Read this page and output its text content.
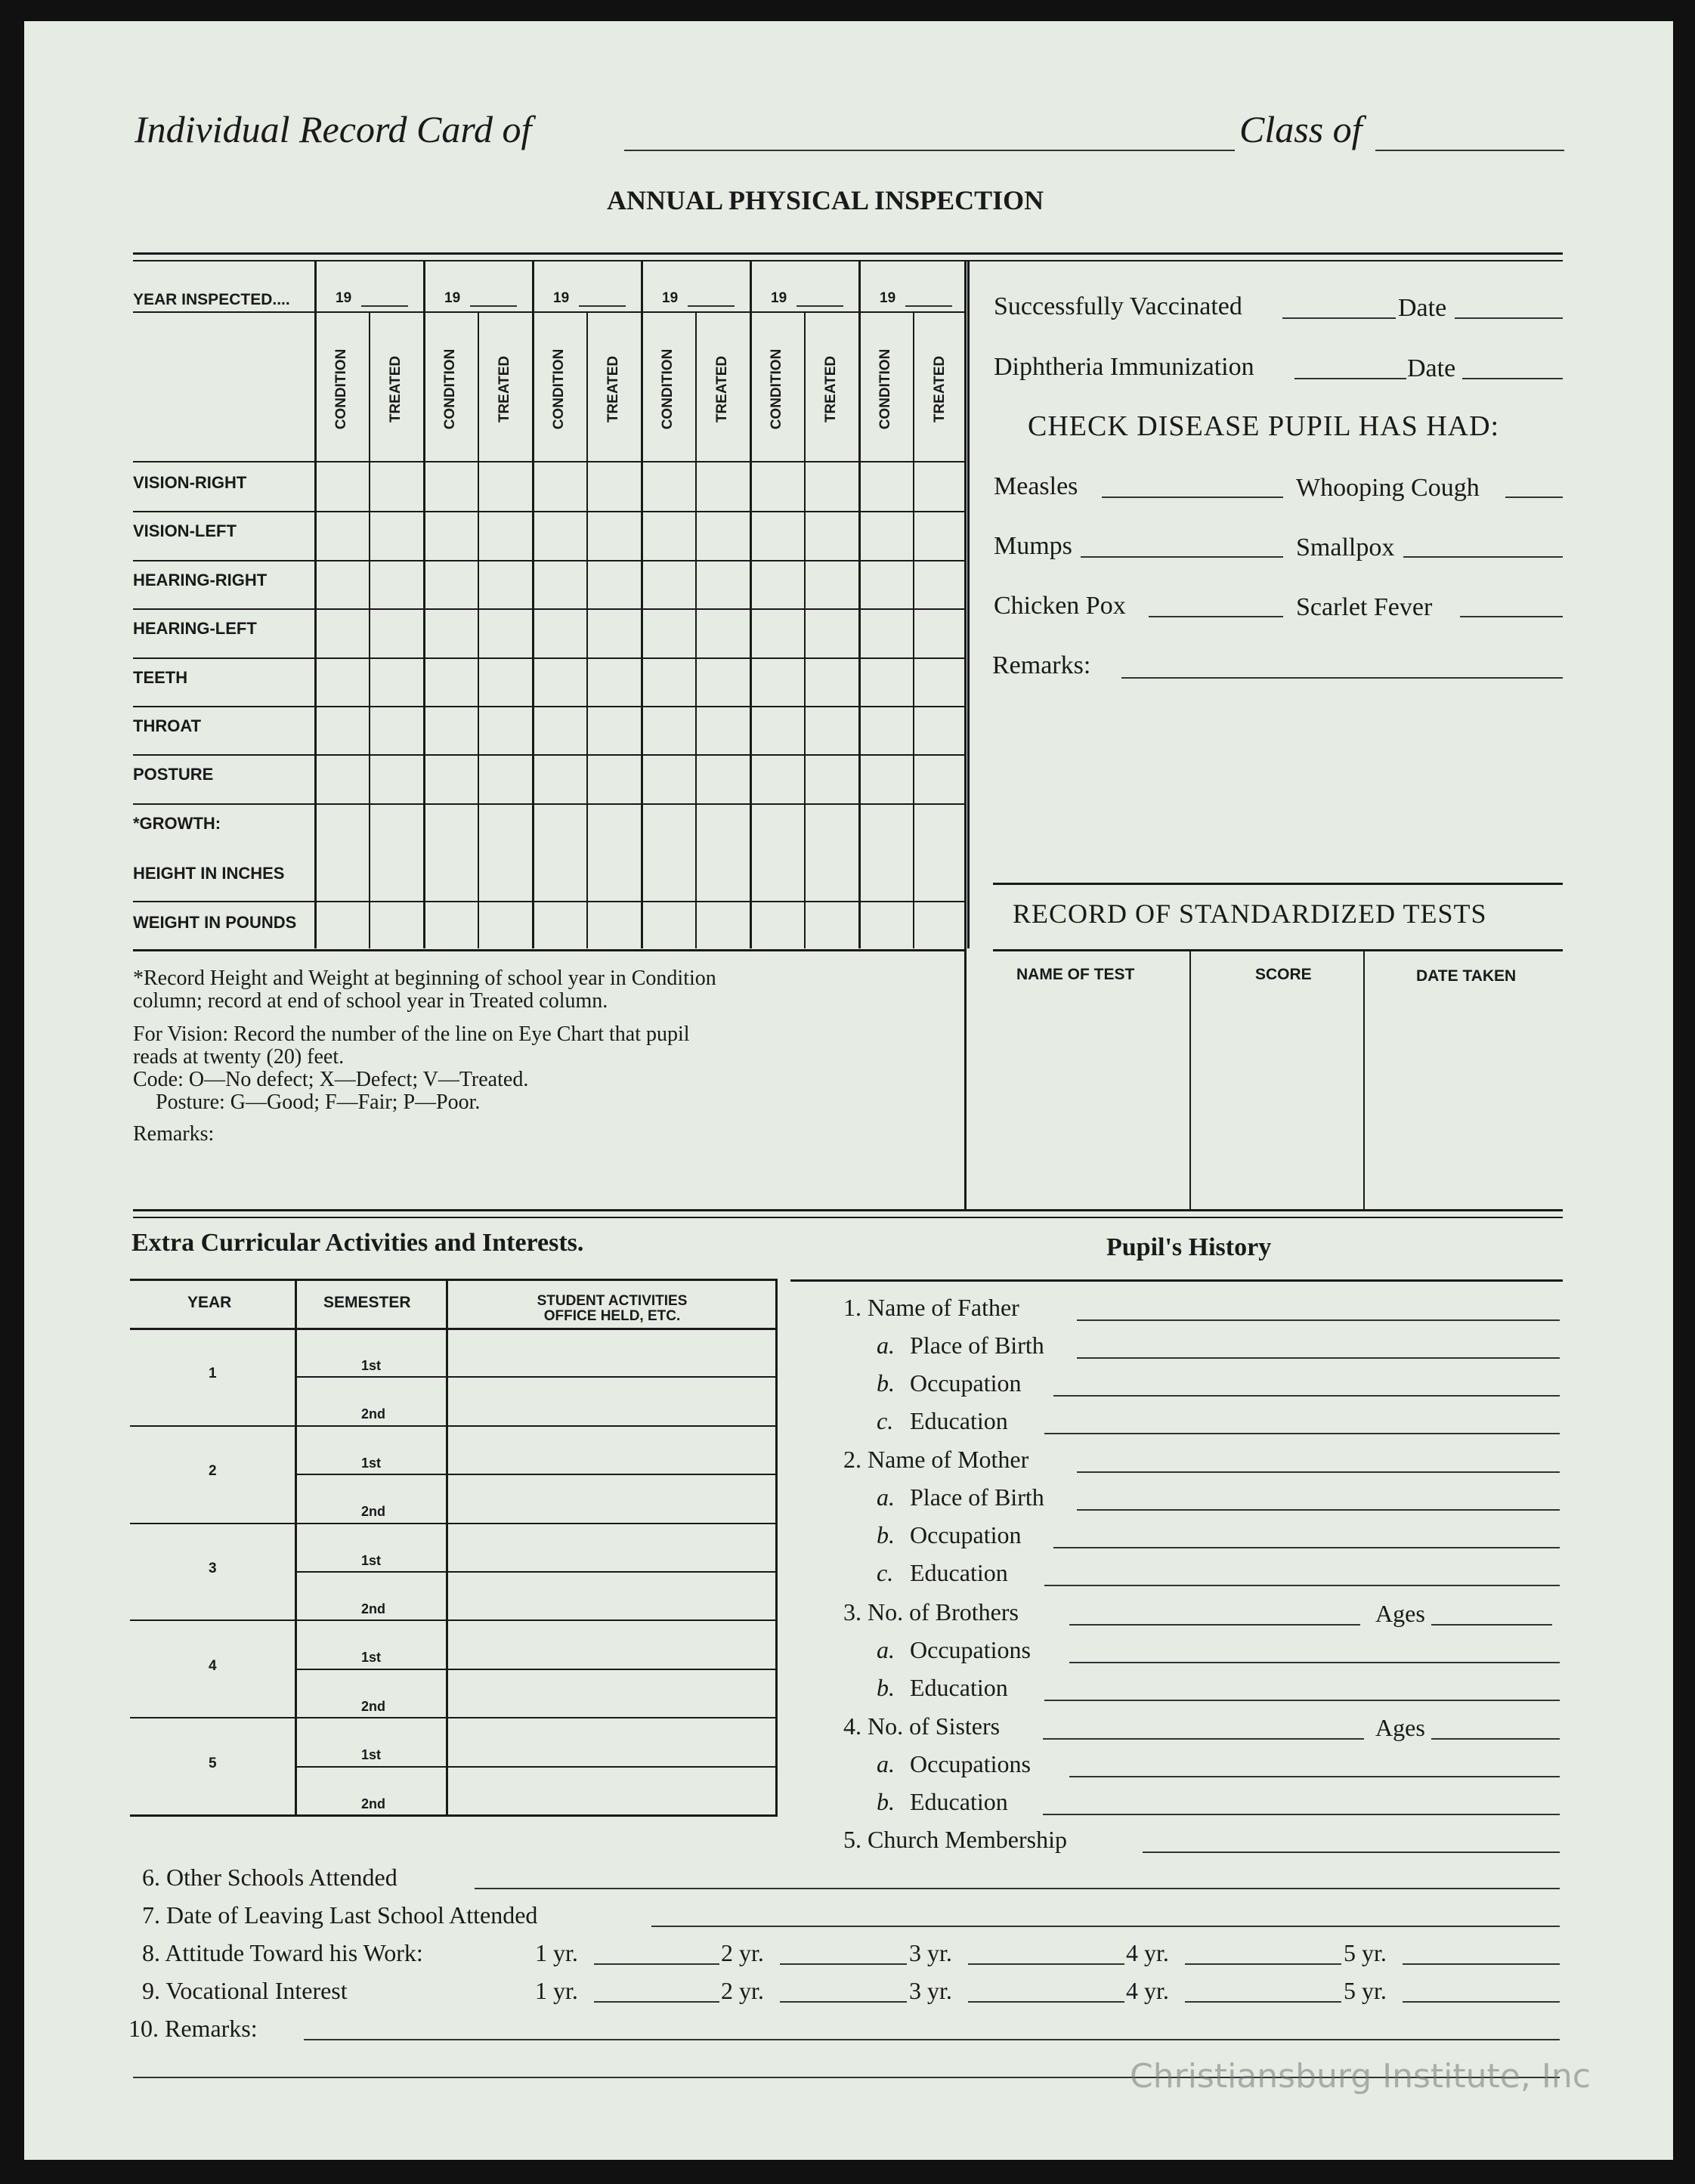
Individual Record Card of	Class of
ANNUAL PHYSICAL INSPECTION
19	19	19	19	19	19
CONDITION	TREATED	CONDITION	TREATED	CONDITION	TREATED	CONDITION	TREATED	CONDITION	TREATED	CONDITION	TREATED
VISION-RIGHT
VISION-LEFT
HEARING-RIGHT
HEARING-LEFT
TEETH
THROAT
POSTURE
*GROWTH:
HEIGHT IN INCHES
WEIGHT IN POUNDS
YEAR INSPECTED....
*Record Height and Weight at beginning of school year in Condition
column; record at end of school year in Treated column.
For Vision: Record the number of the line on Eye Chart that pupil
reads at twenty (20) feet.
Code: O—No defect; X—Defect; V—Treated.
Posture: G—Good; F—Fair; P—Poor.
Remarks:
Successfully Vaccinated	Date
Diphtheria Immunization	Date
CHECK DISEASE PUPIL HAS HAD:
Measles	Whooping Cough
Mumps	Smallpox
Chicken Pox	Scarlet Fever
Remarks:
RECORD OF STANDARDIZED TESTS
NAME OF TEST	SCORE	DATE TAKEN
Extra Curricular Activities and Interests.
YEAR	SEMESTER	STUDENT ACTIVITIES
OFFICE HELD, ETC.
1
1st
2nd
2
1st
2nd
3
1st
2nd
4
1st
2nd
5
1st
2nd
Pupil's History
1. Name of Father
a. Place of Birth
b. Occupation
c. Education
2. Name of Mother
a. Place of Birth
b. Occupation
c. Education
3. No. of Brothers	Ages
a. Occupations
b. Education
4. No. of Sisters	Ages
a. Occupations
b. Education
5. Church Membership
6. Other Schools Attended
7. Date of Leaving Last School Attended
8. Attitude Toward his Work:	1 yr.	2 yr.	3 yr.	4 yr.	5 yr.
9. Vocational Interest	1 yr.	2 yr.	3 yr.	4 yr.	5 yr.
10. Remarks:
Christiansburg Institute, Inc
